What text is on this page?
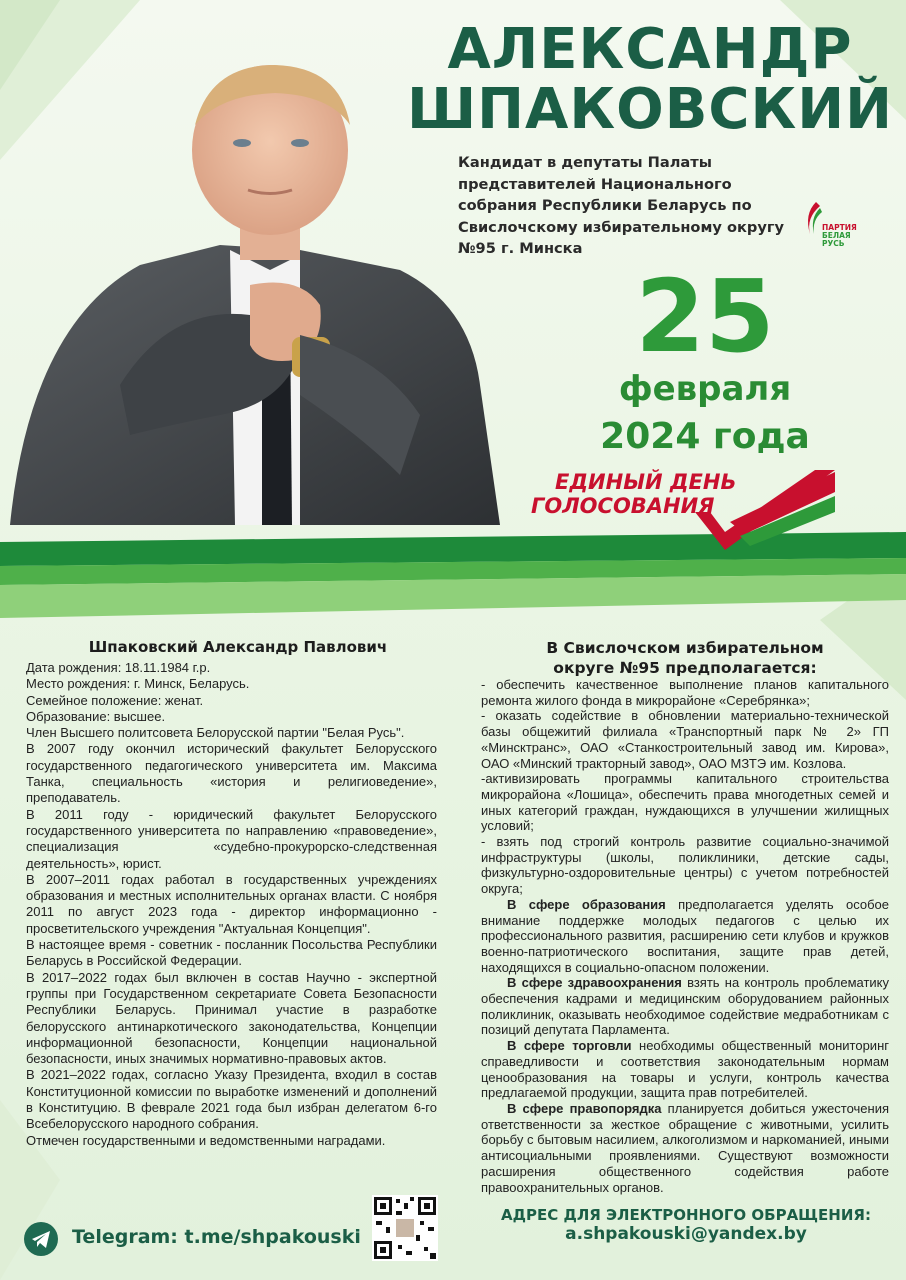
АЛЕКСАНДР
ШПАКОВСКИЙ
Кандидат в депутаты Палаты представителей Национального собрания Республики Беларусь по Свислочскому избирательному округу №95 г. Минска
ПАРТИЯ
БЕЛАЯ РУСЬ
25
февраля
2024 года
ЕДИНЫЙ ДЕНЬ
ГОЛОСОВАНИЯ
Шпаковский Александр Павлович

Дата рождения: 18.11.1984 г.р.

Место рождения: г. Минск, Беларусь.

Семейное положение: женат.

Образование: высшее.

Член Высшего политсовета Белорусской партии "Белая Русь".

В 2007 году окончил исторический факультет Белорусского государственного педагогического университета им. Максима Танка, специальность «история и религиоведение», преподаватель.

В 2011 году - юридический факультет Белорусского государственного университета по направлению «правоведение», специализация «судебно-прокурорско-следственная деятельность», юрист.

В 2007–2011 годах работал в государственных учреждениях образования и местных исполнительных органах власти. С ноября 2011 по август 2023 года - директор информационно - просветительского учреждения "Актуальная Концепция".

В настоящее время - советник - посланник Посольства Республики Беларусь в Российской Федерации.

В 2017–2022 годах был включен в состав Научно - экспертной группы при Государственном секретариате Совета Безопасности Республики Беларусь. Принимал участие в разработке белорусского антинаркотического законодательства, Концепции информационной безопасности, Концепции национальной безопасности, иных значимых нормативно-правовых актов.

В 2021–2022 годах, согласно Указу Президента, входил в состав Конституционной комиссии по выработке изменений и дополнений в Конституцию. В феврале 2021 года был избран делегатом 6-го Всебелорусского народного собрания.

Отмечен государственными и ведомственными наградами.

В Свислочском избирательном
округе №95 предполагается:

- обеспечить качественное выполнение планов капитального ремонта жилого фонда в микрорайоне «Серебрянка»;

- оказать содействие в обновлении материально-технической базы общежитий филиала «Транспортный парк № 2» ГП «Минсктранс», ОАО «Станкостроительный завод им. Кирова», ОАО «Минский тракторный завод», ОАО МЗТЭ им. Козлова.

-активизировать программы капитального строительства микрорайона «Лошица», обеспечить права многодетных семей и иных категорий граждан, нуждающихся в улучшении жилищных условий;

- взять под строгий контроль развитие социально-значимой инфраструктуры (школы, поликлиники, детские сады, физкультурно-оздоровительные центры) с учетом потребностей округа;

  В сфере образования предполагается уделять особое внимание поддержке молодых педагогов с целью их профессионального развития, расширению сети клубов и кружков военно-патриотического воспитания, защите прав детей, находящихся в социально-опасном положении.

  В сфере здравоохранения взять на контроль проблематику обеспечения кадрами и медицинским оборудованием районных поликлиник, оказывать необходимое содействие медработникам с позиций депутата Парламента.

  В сфере торговли необходимы общественный мониторинг справедливости и соответствия законодательным нормам ценообразования на товары и услуги, контроль качества предлагаемой продукции, защита прав потребителей.

  В сфере правопорядка планируется добиться ужесточения ответственности за жесткое обращение с животными, усилить борьбу с бытовым насилием, алкоголизмом и наркоманией, иными антисоциальными проявлениями. Существуют возможности расширения общественного содействия работе правоохранительных органов.

АДРЕС ДЛЯ ЭЛЕКТРОННОГО ОБРАЩЕНИЯ:
a.shpakouski@yandex.by
Telegram: t.me/shpakouski
